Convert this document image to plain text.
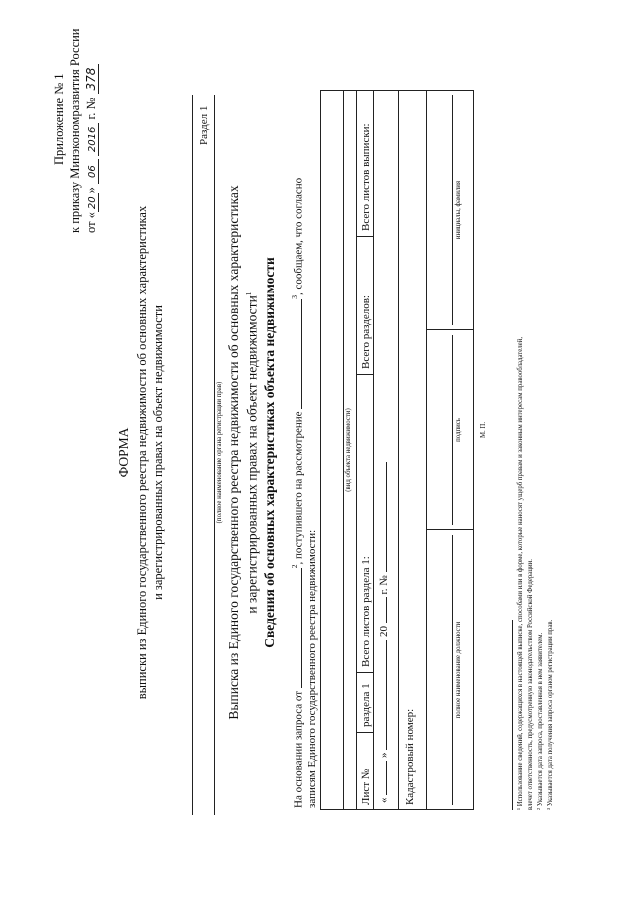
Приложение № 1 к приказу Минэкономразвития России от «20» 06 2016 г. № 378
ФОРМА выписки из Единого государственного реестра недвижимости об основных характеристиках и зарегистрированных правах на объект недвижимости
Раздел 1
(полное наименование органа регистрации прав) Выписка из Единого государственного реестра недвижимости об основных характеристиках и зарегистрированных правах на объект недвижимости$^1$ Сведения об основных характеристиках объекта недвижимости
На основании запроса от $^2$, поступившего на рассмотрение $^3$, сообщаем, что согласно
записям Единого государственного реестра недвижимости:
(вид объекта недвижимости)
Лист №
раздела 1
Всего листов раздела 1:
Всего разделов:
Всего листов выписки:
«  »  20  г. №
Кадастровый номер:
полное наименование должности
подпись
инициалы, фамилия
М. П.	¹ Использование сведений, содержащихся в настоящей выписке, способами или в форме, которые наносят ущерб правам и законным интересам правообладателей, влечет ответственность, предусмотренную законодательством Российской Федерации. ² Указывается дата запроса, проставленная в нем заявителем. ³ Указывается дата получения запроса органом регистрации прав.
